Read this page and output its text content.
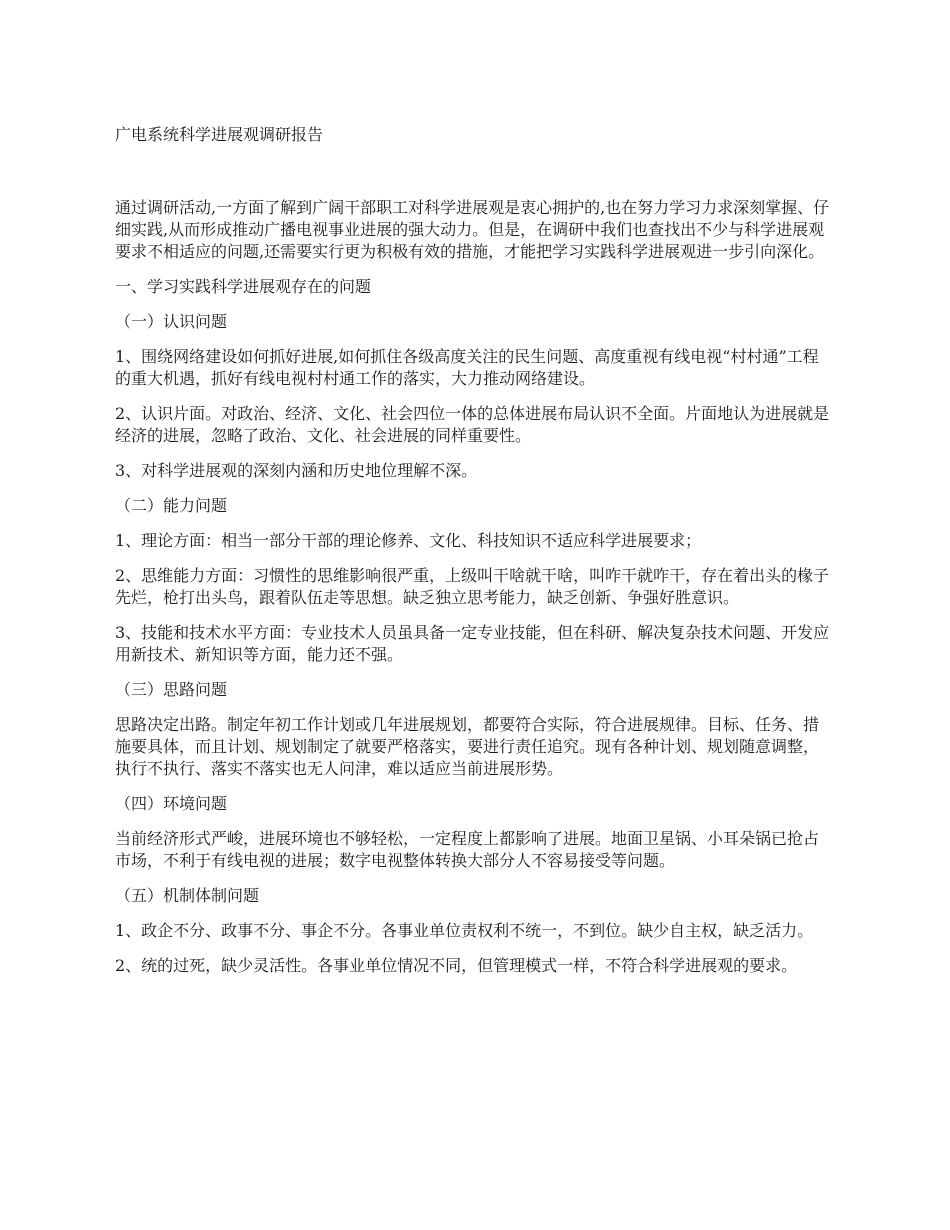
广电系统科学进展观调研报告

通过调研活动,一方面了解到广阔干部职工对科学进展观是衷心拥护的,也在努力学习力求深刻掌握、仔细实践,从而形成推动广播电视事业进展的强大动力。但是，在调研中我们也查找出不少与科学进展观要求不相适应的问题,还需要实行更为积极有效的措施，才能把学习实践科学进展观进一步引向深化。

一、学习实践科学进展观存在的问题

（一）认识问题

1、围绕网络建设如何抓好进展,如何抓住各级高度关注的民生问题、高度重视有线电视“村村通”工程的重大机遇，抓好有线电视村村通工作的落实，大力推动网络建设。

2、认识片面。对政治、经济、文化、社会四位一体的总体进展布局认识不全面。片面地认为进展就是经济的进展，忽略了政治、文化、社会进展的同样重要性。

3、对科学进展观的深刻内涵和历史地位理解不深。

（二）能力问题

1、理论方面：相当一部分干部的理论修养、文化、科技知识不适应科学进展要求；

2、思维能力方面：习惯性的思维影响很严重，上级叫干啥就干啥，叫咋干就咋干，存在着出头的椽子先烂，枪打出头鸟，跟着队伍走等思想。缺乏独立思考能力，缺乏创新、争强好胜意识。

3、技能和技术水平方面：专业技术人员虽具备一定专业技能，但在科研、解决复杂技术问题、开发应用新技术、新知识等方面，能力还不强。

（三）思路问题

思路决定出路。制定年初工作计划或几年进展规划，都要符合实际，符合进展规律。目标、任务、措施要具体，而且计划、规划制定了就要严格落实，要进行责任追究。现有各种计划、规划随意调整，执行不执行、落实不落实也无人问津，难以适应当前进展形势。

（四）环境问题

当前经济形式严峻，进展环境也不够轻松，一定程度上都影响了进展。地面卫星锅、小耳朵锅已抢占市场，不利于有线电视的进展；数字电视整体转换大部分人不容易接受等问题。

（五）机制体制问题

1、政企不分、政事不分、事企不分。各事业单位责权利不统一，不到位。缺少自主权，缺乏活力。

2、统的过死，缺少灵活性。各事业单位情况不同，但管理模式一样，不符合科学进展观的要求。
